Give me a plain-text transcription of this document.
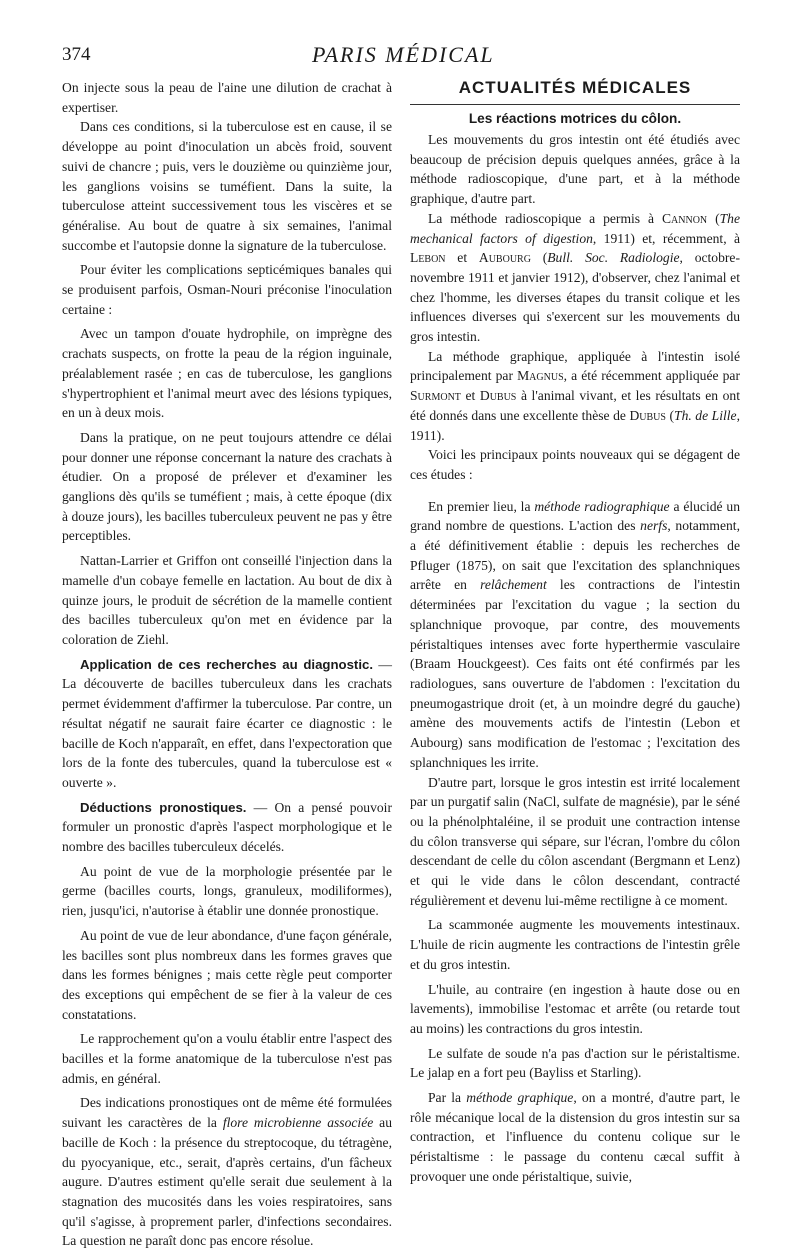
374	PARIS MÉDICAL

On injecte sous la peau de l'aine une dilution de crachat à expertiser.

Dans ces conditions, si la tuberculose est en cause, il se développe au point d'inoculation un abcès froid, souvent suivi de chancre ; puis, vers le douzième ou quinzième jour, les ganglions voisins se tuméfient. Dans la suite, la tuberculose atteint successivement tous les viscères et se généralise. Au bout de quatre à six semaines, l'animal succombe et l'autopsie donne la signature de la tuberculose.

Pour éviter les complications septicémiques banales qui se produisent parfois, Osman-Nouri préconise l'inoculation certaine :

Avec un tampon d'ouate hydrophile, on imprègne des crachats suspects, on frotte la peau de la région inguinale, préalablement rasée ; en cas de tuberculose, les ganglions s'hypertrophient et l'animal meurt avec des lésions typiques, en un à deux mois.

Dans la pratique, on ne peut toujours attendre ce délai pour donner une réponse concernant la nature des crachats à étudier. On a proposé de prélever et d'examiner les ganglions dès qu'ils se tuméfient ; mais, à cette époque (dix à douze jours), les bacilles tuberculeux peuvent ne pas y être perceptibles.

Nattan-Larrier et Griffon ont conseillé l'injection dans la mamelle d'un cobaye femelle en lactation. Au bout de dix à quinze jours, le produit de sécrétion de la mamelle contient des bacilles tuberculeux qu'on met en évidence par la coloration de Ziehl.

Application de ces recherches au diagnostic. — La découverte de bacilles tuberculeux dans les crachats permet évidemment d'affirmer la tuberculose. Par contre, un résultat négatif ne saurait faire écarter ce diagnostic : le bacille de Koch n'apparaît, en effet, dans l'expectoration que lors de la fonte des tubercules, quand la tuberculose est « ouverte ».

Déductions pronostiques. — On a pensé pouvoir formuler un pronostic d'après l'aspect morphologique et le nombre des bacilles tuberculeux décelés.

Au point de vue de la morphologie présentée par le germe (bacilles courts, longs, granuleux, modiliformes), rien, jusqu'ici, n'autorise à établir une donnée pronostique.

Au point de vue de leur abondance, d'une façon générale, les bacilles sont plus nombreux dans les formes graves que dans les formes bénignes ; mais cette règle peut comporter des exceptions qui empêchent de se fier à la valeur de ces constatations.

Le rapprochement qu'on a voulu établir entre l'aspect des bacilles et la forme anatomique de la tuberculose n'est pas admis, en général.

Des indications pronostiques ont de même été formulées suivant les caractères de la flore microbienne associée au bacille de Koch : la présence du streptocoque, du tétragène, du pyocyanique, etc., serait, d'après certains, d'un fâcheux augure. D'autres estiment qu'elle serait due seulement à la stagnation des mucosités dans les voies respiratoires, sans qu'il s'agisse, à proprement parler, d'infections secondaires. La question ne paraît donc pas encore résolue.

ACTUALITÉS MÉDICALES
Les réactions motrices du côlon.

Les mouvements du gros intestin ont été étudiés avec beaucoup de précision depuis quelques années, grâce à la méthode radioscopique, d'une part, et à la méthode graphique, d'autre part.

La méthode radioscopique a permis à Cannon (The mechanical factors of digestion, 1911) et, récemment, à Lebon et Aubourg (Bull. Soc. Radiologie, octobre-novembre 1911 et janvier 1912), d'observer, chez l'animal et chez l'homme, les diverses étapes du transit colique et les influences diverses qui s'exercent sur les mouvements du gros intestin.

La méthode graphique, appliquée à l'intestin isolé principalement par Magnus, a été récemment appliquée par Surmont et Dubus à l'animal vivant, et les résultats en ont été donnés dans une excellente thèse de Dubus (Th. de Lille, 1911).

Voici les principaux points nouveaux qui se dégagent de ces études :

En premier lieu, la méthode radiographique a élucidé un grand nombre de questions. L'action des nerfs, notamment, a été définitivement établie : depuis les recherches de Pfluger (1875), on sait que l'excitation des splanchniques arrête en relâchement les contractions de l'intestin déterminées par l'excitation du vague ; la section du splanchnique provoque, par contre, des mouvements péristaltiques intenses avec forte hyperthermie vasculaire (Braam Houckgeest). Ces faits ont été confirmés par les radiologues, sans ouverture de l'abdomen : l'excitation du pneumogastrique droit (et, à un moindre degré du gauche) amène des mouvements actifs de l'intestin (Lebon et Aubourg) sans modification de l'estomac ; l'excitation des splanchniques les irrite.

D'autre part, lorsque le gros intestin est irrité localement par un purgatif salin (NaCl, sulfate de magnésie), par le séné ou la phénolphtaléine, il se produit une contraction intense du côlon transverse qui sépare, sur l'écran, l'ombre du côlon descendant de celle du côlon ascendant (Bergmann et Lenz) et qui le vide dans le côlon descendant, contracté régulièrement et devenu lui-même rectiligne à ce moment.

La scammonée augmente les mouvements intestinaux. L'huile de ricin augmente les contractions de l'intestin grêle et du gros intestin.

L'huile, au contraire (en ingestion à haute dose ou en lavements), immobilise l'estomac et arrête (ou retarde tout au moins) les contractions du gros intestin.

Le sulfate de soude n'a pas d'action sur le péristaltisme. Le jalap en a fort peu (Bayliss et Starling).

Par la méthode graphique, on a montré, d'autre part, le rôle mécanique local de la distension du gros intestin sur sa contraction, et l'influence du contenu colique sur le péristaltisme : le passage du contenu cæcal suffit à provoquer une onde péristaltique, suivie,
